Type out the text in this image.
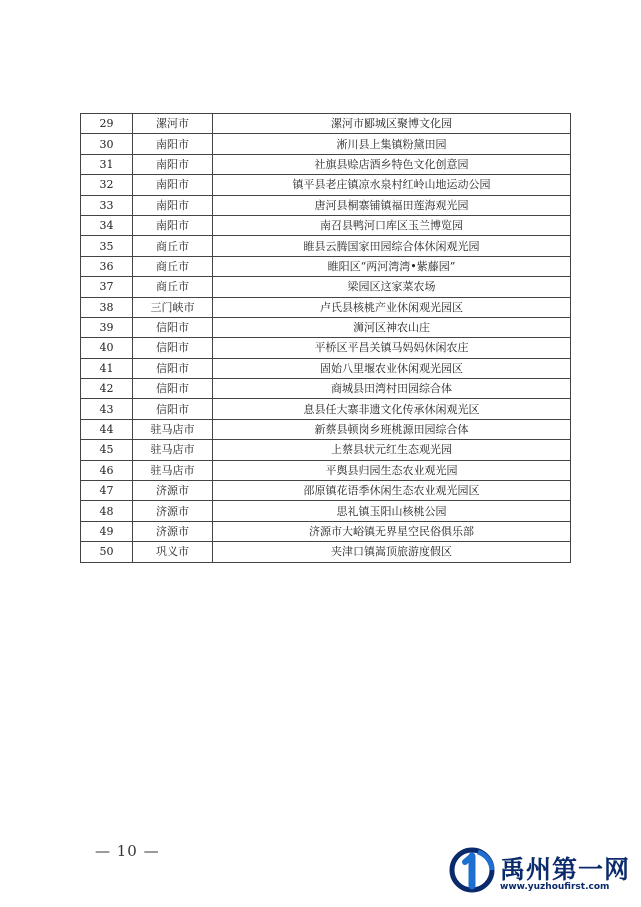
29	漯河市	漯河市郾城区聚博文化园
30	南阳市	淅川县上集镇粉黛田园
31	南阳市	社旗县赊店酒乡特色文化创意园
32	南阳市	镇平县老庄镇凉水泉村红岭山地运动公园
33	南阳市	唐河县桐寨铺镇福田莲海观光园
34	南阳市	南召县鸭河口库区玉兰博览园
35	商丘市	睢县云腾国家田园综合体休闲观光园
36	商丘市	睢阳区“两河湾湾•紫藤园”
37	商丘市	梁园区这家菜农场
38	三门峡市	卢氏县核桃产业休闲观光园区
39	信阳市	浉河区神农山庄
40	信阳市	平桥区平昌关镇马妈妈休闲农庄
41	信阳市	固始八里堰农业休闲观光园区
42	信阳市	商城县田湾村田园综合体
43	信阳市	息县任大寨非遗文化传承休闲观光区
44	驻马店市	新蔡县顿岗乡班桃源田园综合体
45	驻马店市	上蔡县状元红生态观光园
46	驻马店市	平舆县归园生态农业观光园
47	济源市	邵原镇花语季休闲生态农业观光园区
48	济源市	思礼镇玉阳山核桃公园
49	济源市	济源市大峪镇无界星空民俗俱乐部
50	巩义市	夹津口镇嵩顶旅游度假区
— 10 —
禹州第一网
www.yuzhoufirst.com
